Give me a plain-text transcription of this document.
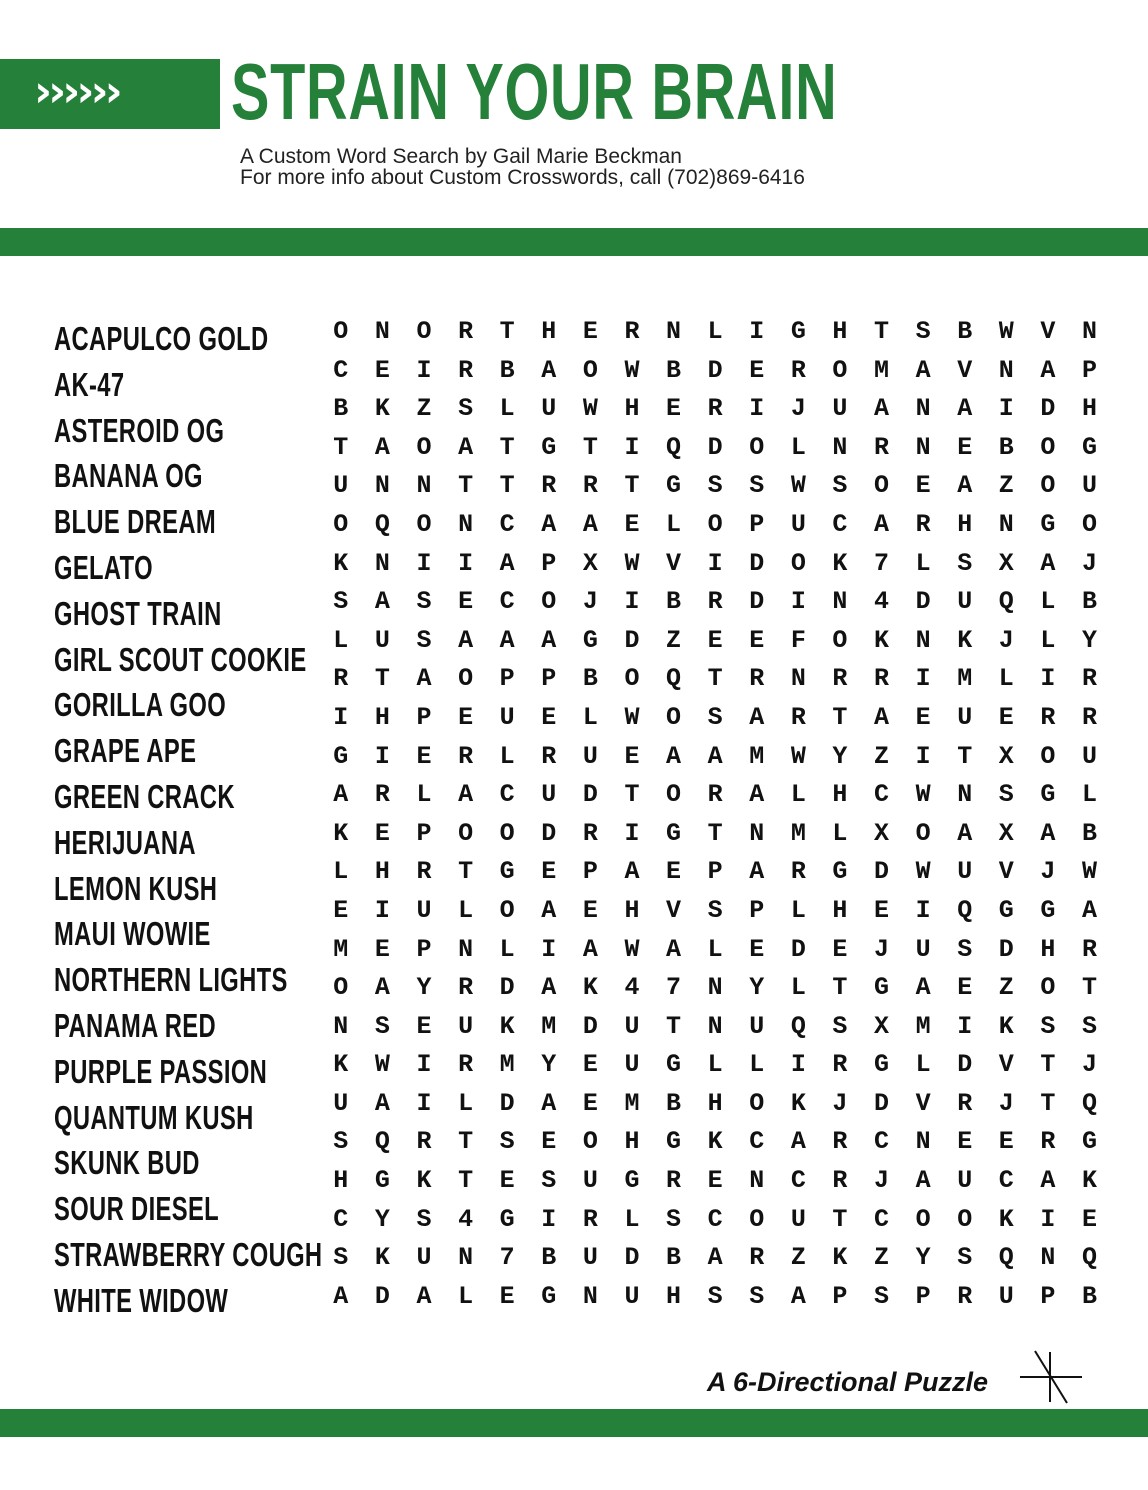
›››››› STRAIN YOUR BRAIN
A Custom Word Search by Gail Marie Beckman
For more info about Custom Crosswords, call (702)869-6416
ACAPULCO GOLD
AK-47
ASTEROID OG
BANANA OG
BLUE DREAM
GELATO
GHOST TRAIN
GIRL SCOUT COOKIE
GORILLA GOO
GRAPE APE
GREEN CRACK
HERIJUANA
LEMON KUSH
MAUI WOWIE
NORTHERN LIGHTS
PANAMA RED
PURPLE PASSION
QUANTUM KUSH
SKUNK BUD
SOUR DIESEL
STRAWBERRY COUGH
WHITE WIDOW
O	N	O	R	T	H	E	R	N	L	I	G	H	T	S	B	W	V	N
C	E	I	R	B	A	O	W	B	D	E	R	O	M	A	V	N	A	P
B	K	Z	S	L	U	W	H	E	R	I	J	U	A	N	A	I	D	H
T	A	O	A	T	G	T	I	Q	D	O	L	N	R	N	E	B	O	G
U	N	N	T	T	R	R	T	G	S	S	W	S	O	E	A	Z	O	U
O	Q	O	N	C	A	A	E	L	O	P	U	C	A	R	H	N	G	O
K	N	I	I	A	P	X	W	V	I	D	O	K	7	L	S	X	A	J
S	A	S	E	C	O	J	I	B	R	D	I	N	4	D	U	Q	L	B
L	U	S	A	A	A	G	D	Z	E	E	F	O	K	N	K	J	L	Y
R	T	A	O	P	P	B	O	Q	T	R	N	R	R	I	M	L	I	R
I	H	P	E	U	E	L	W	O	S	A	R	T	A	E	U	E	R	R
G	I	E	R	L	R	U	E	A	A	M	W	Y	Z	I	T	X	O	U
A	R	L	A	C	U	D	T	O	R	A	L	H	C	W	N	S	G	L
K	E	P	O	O	D	R	I	G	T	N	M	L	X	O	A	X	A	B
L	H	R	T	G	E	P	A	E	P	A	R	G	D	W	U	V	J	W
E	I	U	L	O	A	E	H	V	S	P	L	H	E	I	Q	G	G	A
M	E	P	N	L	I	A	W	A	L	E	D	E	J	U	S	D	H	R
O	A	Y	R	D	A	K	4	7	N	Y	L	T	G	A	E	Z	O	T
N	S	E	U	K	M	D	U	T	N	U	Q	S	X	M	I	K	S	S
K	W	I	R	M	Y	E	U	G	L	L	I	R	G	L	D	V	T	J
U	A	I	L	D	A	E	M	B	H	O	K	J	D	V	R	J	T	Q
S	Q	R	T	S	E	O	H	G	K	C	A	R	C	N	E	E	R	G
H	G	K	T	E	S	U	G	R	E	N	C	R	J	A	U	C	A	K
C	Y	S	4	G	I	R	L	S	C	O	U	T	C	O	O	K	I	E
S	K	U	N	7	B	U	D	B	A	R	Z	K	Z	Y	S	Q	N	Q
A	D	A	L	E	G	N	U	H	S	S	A	P	S	P	R	U	P	B
A 6-Directional Puzzle
